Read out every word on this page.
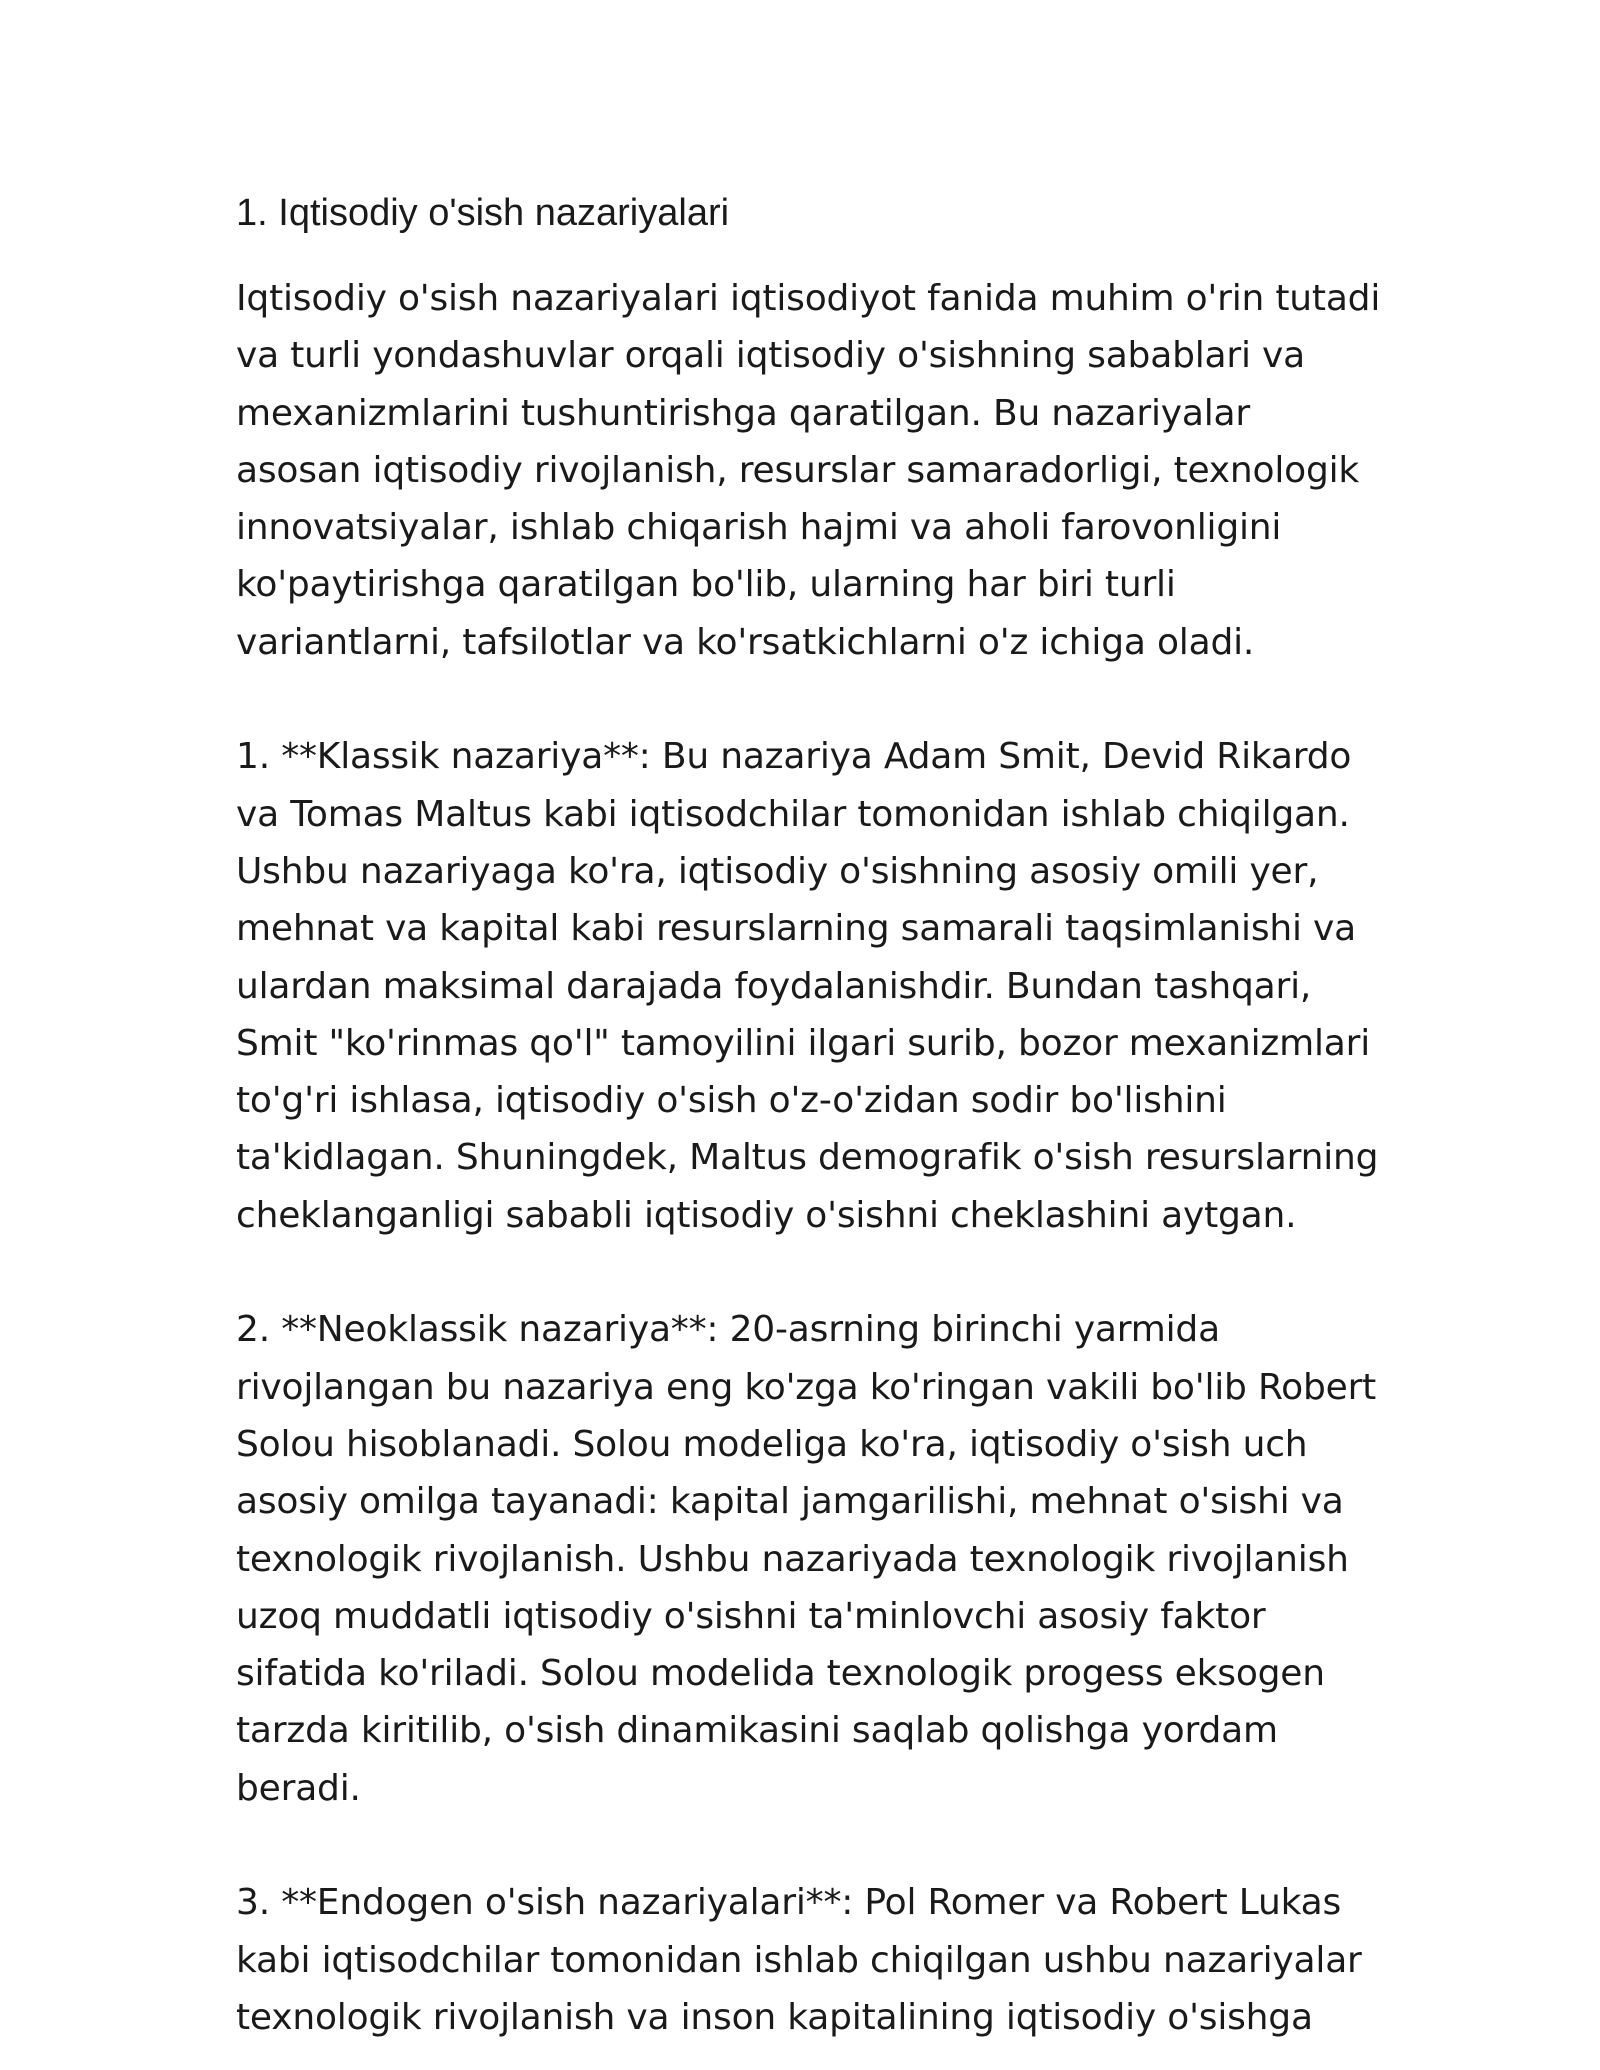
1. Iqtisodiy o'sish nazariyalari

Iqtisodiy o'sish nazariyalari iqtisodiyot fanida muhim o'rin tutadi va turli yondashuvlar orqali iqtisodiy o'sishning sabablari va mexanizmlarini tushuntirishga qaratilgan. Bu nazariyalar asosan iqtisodiy rivojlanish, resurslar samaradorligi, texnologik innovatsiyalar, ishlab chiqarish hajmi va aholi farovonligini ko'paytirishga qaratilgan bo'lib, ularning har biri turli variantlarni, tafsilotlar va ko'rsatkichlarni o'z ichiga oladi.

1. **Klassik nazariya**: Bu nazariya Adam Smit, Devid Rikardo va Tomas Maltus kabi iqtisodchilar tomonidan ishlab chiqilgan. Ushbu nazariyaga ko'ra, iqtisodiy o'sishning asosiy omili yer, mehnat va kapital kabi resurslarning samarali taqsimlanishi va ulardan maksimal darajada foydalanishdir. Bundan tashqari, Smit "ko'rinmas qo'l" tamoyilini ilgari surib, bozor mexanizmlari to'g'ri ishlasa, iqtisodiy o'sish o'z-o'zidan sodir bo'lishini ta'kidlagan. Shuningdek, Maltus demografik o'sish resurslarning cheklanganligi sababli iqtisodiy o'sishni cheklashini aytgan.

2. **Neoklassik nazariya**: 20-asrning birinchi yarmida rivojlangan bu nazariya eng ko'zga ko'ringan vakili bo'lib Robert Solou hisoblanadi. Solou modeliga ko'ra, iqtisodiy o'sish uch asosiy omilga tayanadi: kapital jamgarilishi, mehnat o'sishi va texnologik rivojlanish. Ushbu nazariyada texnologik rivojlanish uzoq muddatli iqtisodiy o'sishni ta'minlovchi asosiy faktor sifatida ko'riladi. Solou modelida texnologik progess eksogen tarzda kiritilib, o'sish dinamikasini saqlab qolishga yordam beradi.

3. **Endogen o'sish nazariyalari**: Pol Romer va Robert Lukas kabi iqtisodchilar tomonidan ishlab chiqilgan ushbu nazariyalar texnologik rivojlanish va inson kapitalining iqtisodiy o'sishga
